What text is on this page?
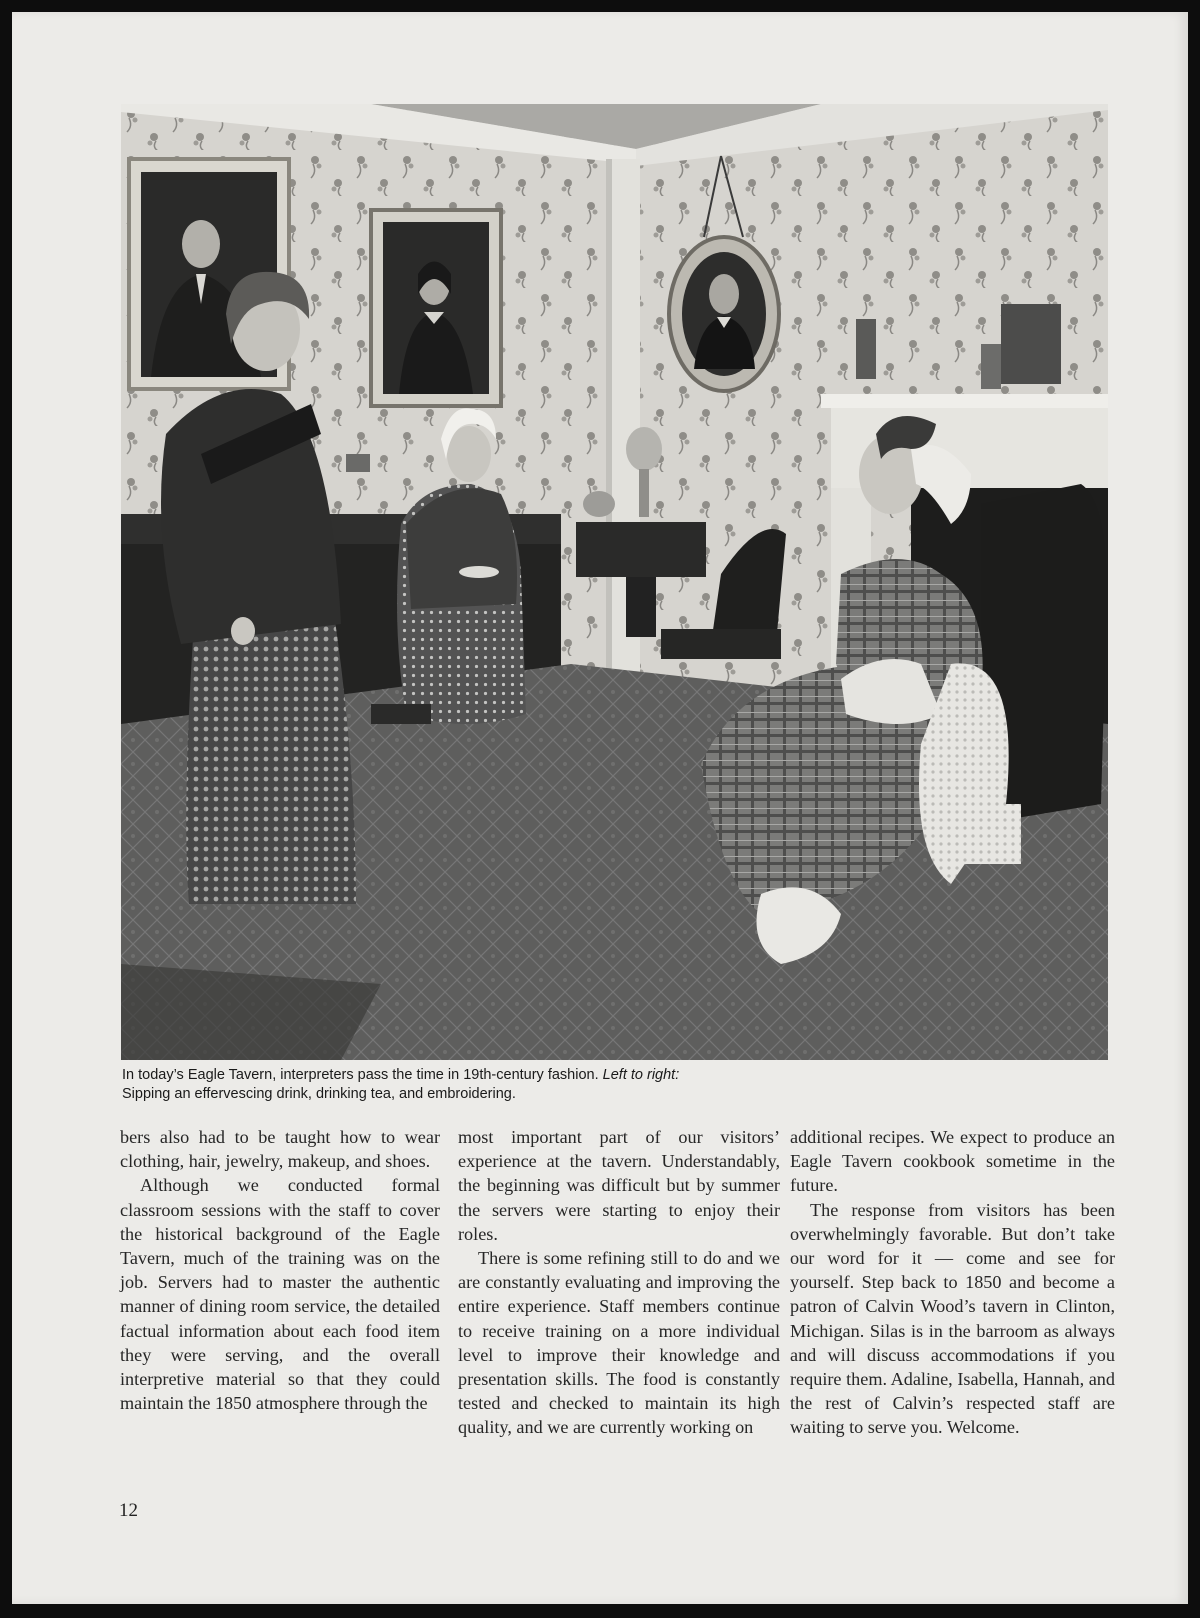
In today’s Eagle Tavern, interpreters pass the time in 19th-century fashion. Left to right:
Sipping an effervescing drink, drinking tea, and embroidering.

bers also had to be taught how to wear clothing, hair, jewelry, makeup, and shoes.

Although we conducted formal classroom sessions with the staff to cover the historical background of the Eagle Tavern, much of the training was on the job. Servers had to master the authentic manner of dining room service, the detailed factual information about each food item they were serving, and the overall interpretive material so that they could maintain the 1850 atmosphere through the

most important part of our visitors’ experience at the tavern. Understandably, the beginning was difficult but by summer the servers were starting to enjoy their roles.

There is some refining still to do and we are constantly evaluating and improving the entire experience. Staff members continue to receive training on a more individual level to improve their knowledge and presentation skills. The food is constantly tested and checked to maintain its high quality, and we are currently working on

additional recipes. We expect to produce an Eagle Tavern cookbook sometime in the future.

The response from visitors has been overwhelmingly favorable. But don’t take our word for it — come and see for yourself. Step back to 1850 and become a patron of Calvin Wood’s tavern in Clinton, Michigan. Silas is in the barroom as always and will discuss accommodations if you require them. Adaline, Isabella, Hannah, and the rest of Calvin’s respected staff are waiting to serve you. Welcome.

12
